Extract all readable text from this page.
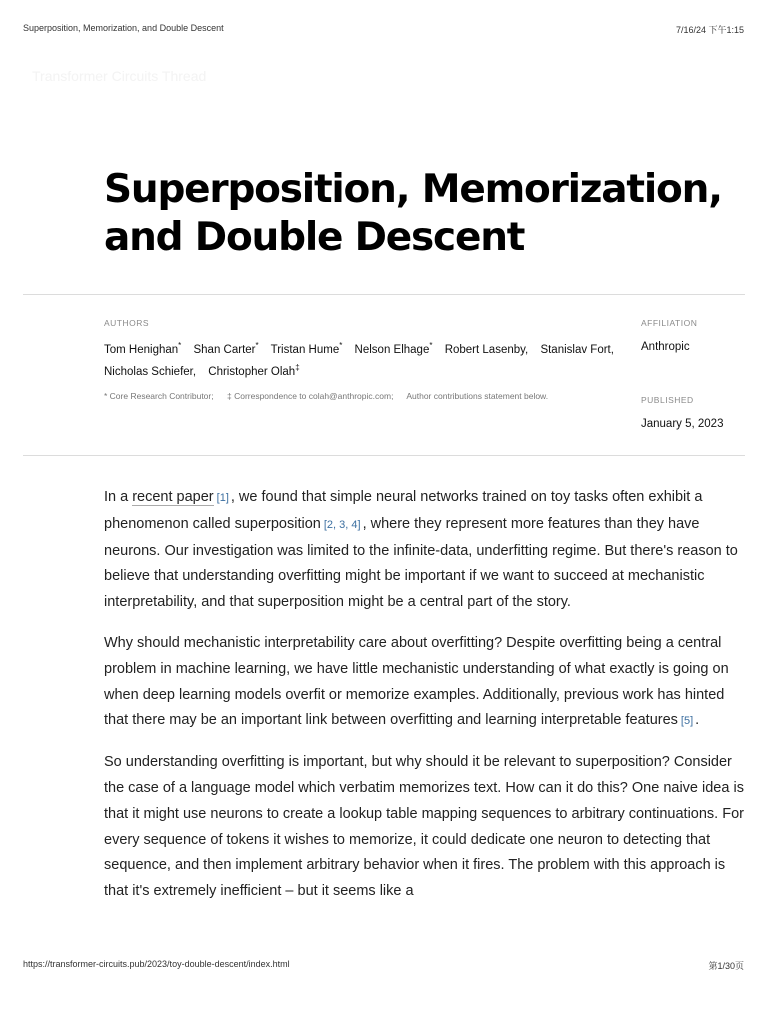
Superposition, Memorization, and Double Descent	7/16/24 下午1:15
Transformer Circuits Thread
Superposition, Memorization,
and Double Descent
AUTHORS
Tom Henighan* Shan Carter* Tristan Hume* Nelson Elhage* Robert Lasenby, Stanislav Fort, Nicholas Schiefer, Christopher Olah‡
* Core Research Contributor; ‡ Correspondence to colah@anthropic.com; Author contributions statement below.
AFFILIATION
Anthropic
PUBLISHED
January 5, 2023

In a recent paper [1] , we found that simple neural networks trained on toy tasks often exhibit a phenomenon called superposition [2, 3, 4] , where they represent more features than they have neurons. Our investigation was limited to the infinite-data, underfitting regime. But there's reason to believe that understanding overfitting might be important if we want to succeed at mechanistic interpretability, and that superposition might be a central part of the story.

Why should mechanistic interpretability care about overfitting? Despite overfitting being a central problem in machine learning, we have little mechanistic understanding of what exactly is going on when deep learning models overfit or memorize examples. Additionally, previous work has hinted that there may be an important link between overfitting and learning interpretable features [5] .

So understanding overfitting is important, but why should it be relevant to superposition? Consider the case of a language model which verbatim memorizes text. How can it do this? One naive idea is that it might use neurons to create a lookup table mapping sequences to arbitrary continuations. For every sequence of tokens it wishes to memorize, it could dedicate one neuron to detecting that sequence, and then implement arbitrary behavior when it fires. The problem with this approach is that it's extremely inefficient – but it seems like a

https://transformer-circuits.pub/2023/toy-double-descent/index.html	第1/30页
